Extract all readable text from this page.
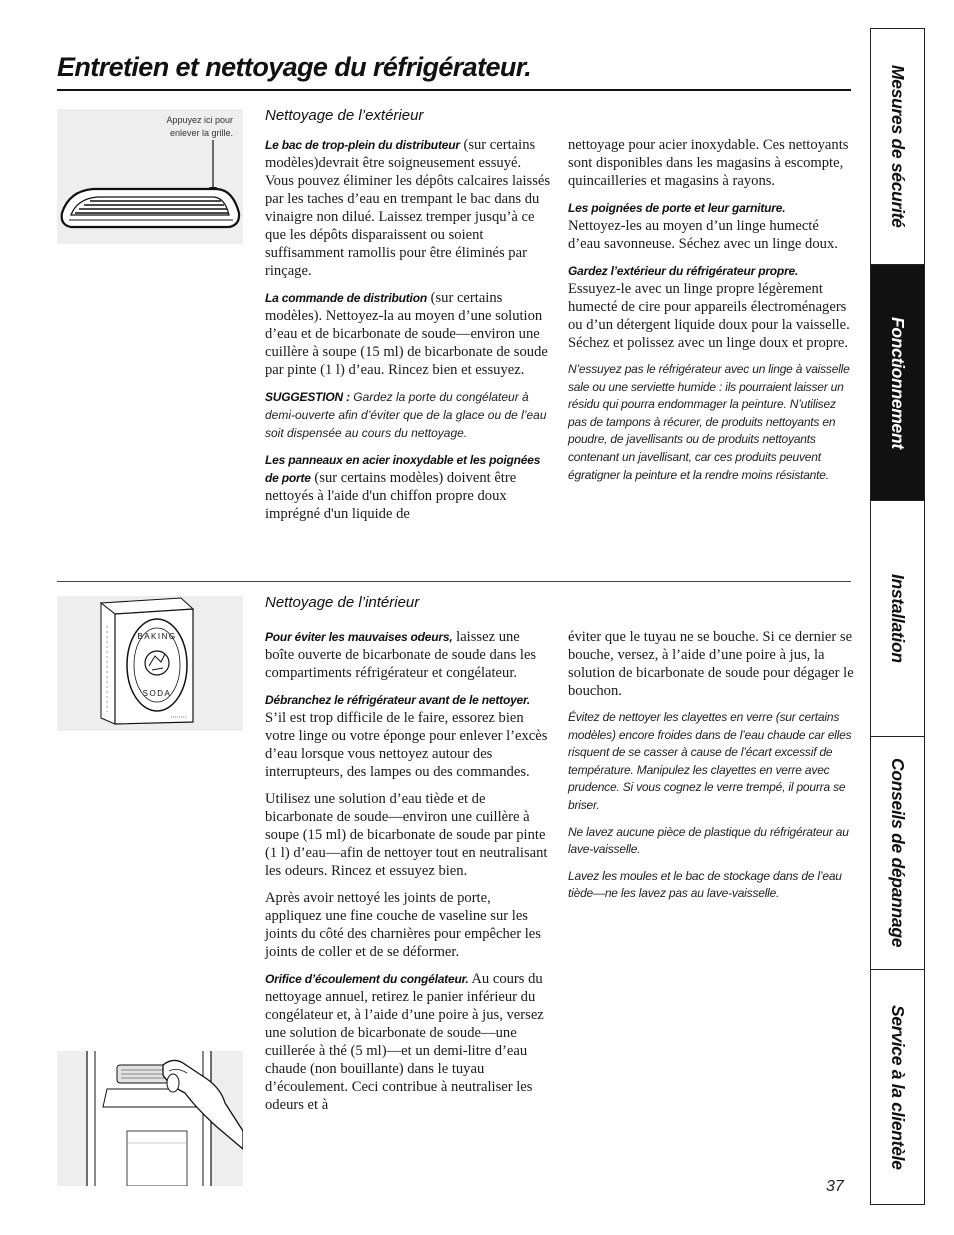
Entretien et nettoyage du réfrigérateur.
Appuyez ici pour
enlever la grille.
Nettoyage de l’extérieur

Le bac de trop-plein du distributeur (sur certains modèles)devrait être soigneusement essuyé. Vous pouvez éliminer les dépôts calcaires laissés par les taches d’eau en trempant le bac dans du vinaigre non dilué. Laissez tremper jusqu’à ce que les dépôts disparaissent ou soient suffisamment ramollis pour être éliminés par rinçage.

La commande de distribution (sur certains modèles). Nettoyez-la au moyen d’une solution d’eau et de bicarbonate de soude—environ une cuillère à soupe (15 ml) de bicarbonate de soude par pinte (1 l) d’eau. Rincez bien et essuyez.

SUGGESTION : Gardez la porte du congélateur à demi-ouverte afin d’éviter que de la glace ou de l’eau soit dispensée au cours du nettoyage.

Les panneaux en acier inoxydable et les poignées de porte (sur certains modèles) doivent être nettoyés à l'aide d'un chiffon propre doux imprégné d'un liquide de

nettoyage pour acier inoxydable. Ces nettoyants sont disponibles dans les magasins à escompte, quincailleries et magasins à rayons.

Les poignées de porte et leur garniture.
Nettoyez-les au moyen d’un linge humecté d’eau savonneuse. Séchez avec un linge doux.

Gardez l’extérieur du réfrigérateur propre.
Essuyez-le avec un linge propre légèrement humecté de cire pour appareils électroménagers ou d’un détergent liquide doux pour la vaisselle. Séchez et polissez avec un linge doux et propre.

N’essuyez pas le réfrigérateur avec un linge à vaisselle sale ou une serviette humide : ils pourraient laisser un résidu qui pourra endommager la peinture. N’utilisez pas de tampons à récurer, de produits nettoyants en poudre, de javellisants ou de produits nettoyants contenant un javellisant, car ces produits peuvent égratigner la peinture et la rendre moins résistante.

BAKING
SODA
Nettoyage de l’intérieur

Pour éviter les mauvaises odeurs, laissez une boîte ouverte de bicarbonate de soude dans les compartiments réfrigérateur et congélateur.

Débranchez le réfrigérateur avant de le nettoyer. S’il est trop difficile de le faire, essorez bien votre linge ou votre éponge pour enlever l’excès d’eau lorsque vous nettoyez autour des interrupteurs, des lampes ou des commandes.

Utilisez une solution d’eau tiède et de bicarbonate de soude—environ une cuillère à soupe (15 ml) de bicarbonate de soude par pinte (1 l) d’eau—afin de nettoyer tout en neutralisant les odeurs. Rincez et essuyez bien.

Après avoir nettoyé les joints de porte, appliquez une fine couche de vaseline sur les joints du côté des charnières pour empêcher les joints de coller et de se déformer.

Orifice d’écoulement du congélateur. Au cours du nettoyage annuel, retirez le panier inférieur du congélateur et, à l’aide d’une poire à jus, versez une solution de bicarbonate de soude—une cuillerée à thé (5 ml)—et un demi-litre d’eau chaude (non bouillante) dans le tuyau d’écoulement. Ceci contribue à neutraliser les odeurs et à

éviter que le tuyau ne se bouche. Si ce dernier se bouche, versez, à l’aide d’une poire à jus, la solution de bicarbonate de soude pour dégager le bouchon.

Évitez de nettoyer les clayettes en verre (sur certains modèles) encore froides dans de l’eau chaude car elles risquent de se casser à cause de l’écart excessif de température. Manipulez les clayettes en verre avec prudence. Si vous cognez le verre trempé, il pourra se briser.

Ne lavez aucune pièce de plastique du réfrigérateur au lave-vaisselle.

Lavez les moules et le bac de stockage dans de l’eau tiède—ne les lavez pas au lave-vaisselle.

Mesures de sécurité
Fonctionnement
Installation
Conseils de dépannage
Service à la clientèle
37
